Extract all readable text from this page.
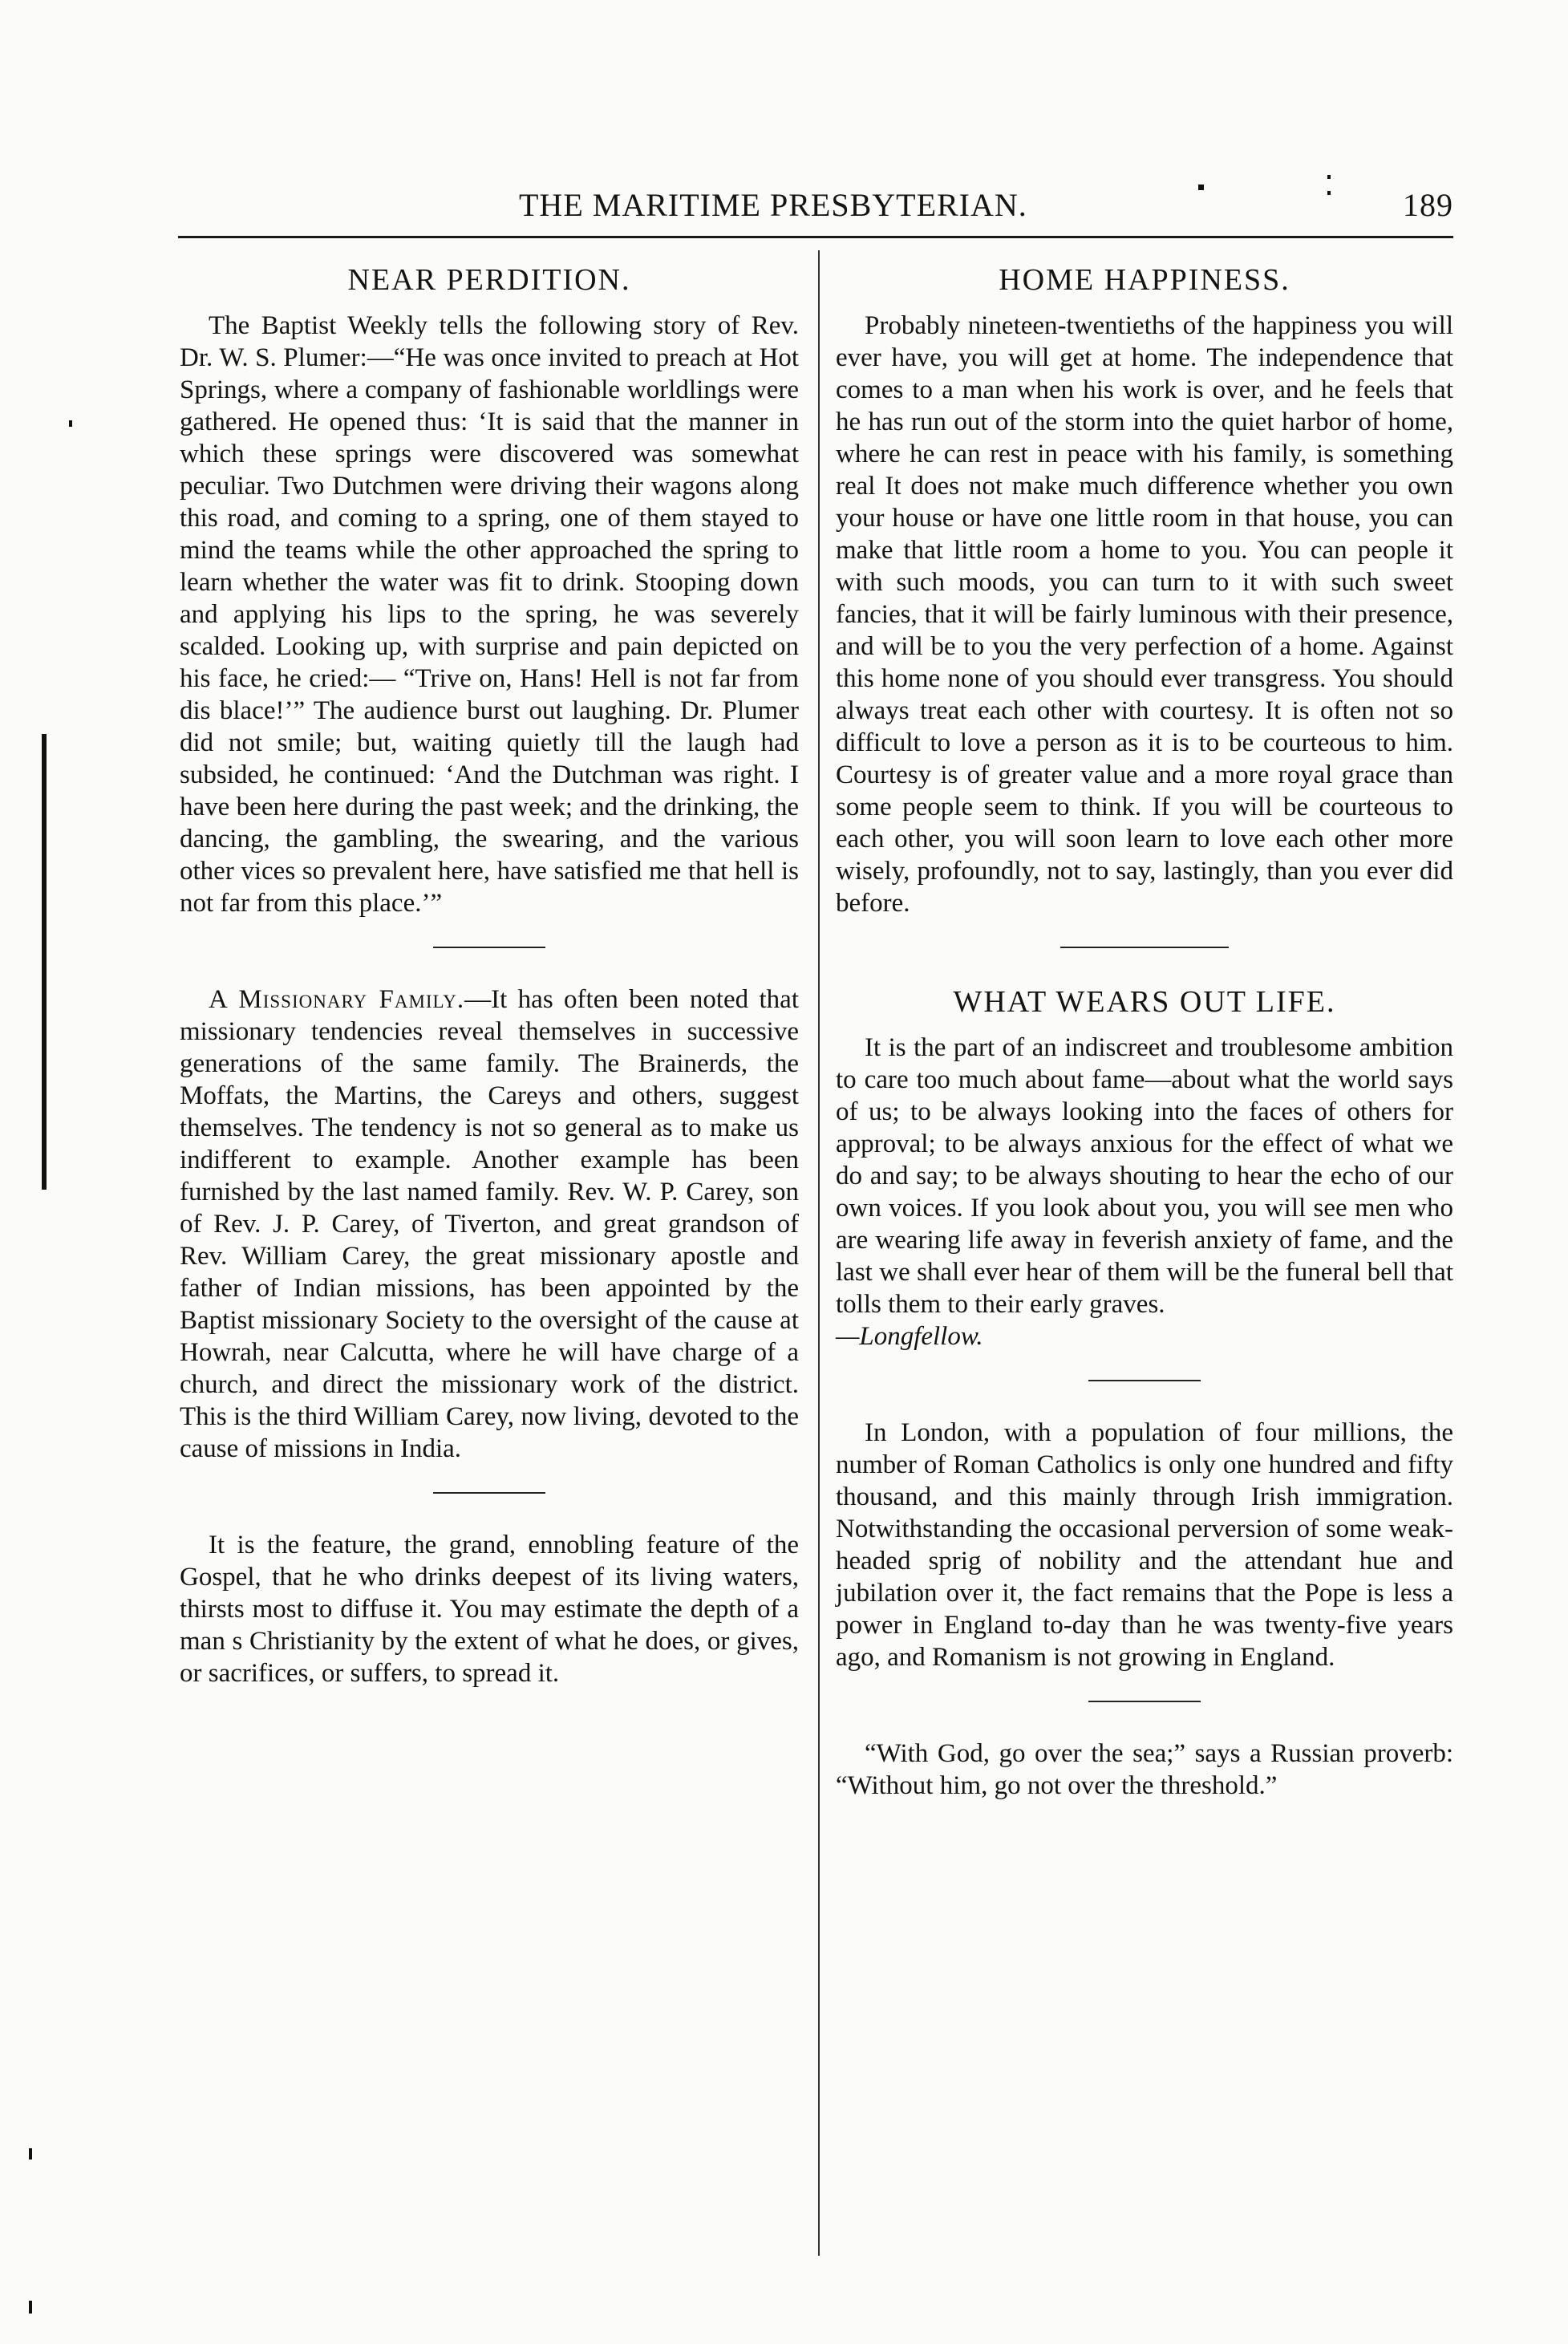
THE MARITIME PRESBYTERIAN.	189
NEAR PERDITION.

The Baptist Weekly tells the following story of Rev. Dr. W. S. Plumer:—“He was once invited to preach at Hot Springs, where a company of fashionable worldlings were gathered. He opened thus: ‘It is said that the manner in which these springs were discovered was somewhat peculiar. Two Dutchmen were driving their wagons along this road, and coming to a spring, one of them stayed to mind the teams while the other approached the spring to learn whether the water was fit to drink. Stooping down and applying his lips to the spring, he was severely scalded. Looking up, with surprise and pain depicted on his face, he cried:— “Trive on, Hans! Hell is not far from dis blace!’” The audience burst out laughing. Dr. Plumer did not smile; but, waiting quietly till the laugh had subsided, he continued: ‘And the Dutchman was right. I have been here during the past week; and the drinking, the dancing, the gambling, the swearing, and the various other vices so prevalent here, have satisfied me that hell is not far from this place.’”

A Missionary Family.—It has often been noted that missionary tendencies reveal themselves in successive generations of the same family. The Brainerds, the Moffats, the Martins, the Careys and others, suggest themselves. The tendency is not so general as to make us indifferent to example. Another example has been furnished by the last named family. Rev. W. P. Carey, son of Rev. J. P. Carey, of Tiverton, and great grandson of Rev. William Carey, the great missionary apostle and father of Indian missions, has been appointed by the Baptist missionary Society to the oversight of the cause at Howrah, near Calcutta, where he will have charge of a church, and direct the missionary work of the district. This is the third William Carey, now living, devoted to the cause of missions in India.

It is the feature, the grand, ennobling feature of the Gospel, that he who drinks deepest of its living waters, thirsts most to diffuse it. You may estimate the depth of a man s Christianity by the extent of what he does, or gives, or sacrifices, or suffers, to spread it.

HOME HAPPINESS.

Probably nineteen-twentieths of the happiness you will ever have, you will get at home. The independence that comes to a man when his work is over, and he feels that he has run out of the storm into the quiet harbor of home, where he can rest in peace with his family, is something real It does not make much difference whether you own your house or have one little room in that house, you can make that little room a home to you. You can people it with such moods, you can turn to it with such sweet fancies, that it will be fairly luminous with their presence, and will be to you the very perfection of a home. Against this home none of you should ever transgress. You should always treat each other with courtesy. It is often not so difficult to love a person as it is to be courteous to him. Courtesy is of greater value and a more royal grace than some people seem to think. If you will be courteous to each other, you will soon learn to love each other more wisely, profoundly, not to say, lastingly, than you ever did before.

WHAT WEARS OUT LIFE.

It is the part of an indiscreet and troublesome ambition to care too much about fame—about what the world says of us; to be always looking into the faces of others for approval; to be always anxious for the effect of what we do and say; to be always shouting to hear the echo of our own voices. If you look about you, you will see men who are wearing life away in feverish anxiety of fame, and the last we shall ever hear of them will be the funeral bell that tolls them to their early graves.

—Longfellow.

In London, with a population of four millions, the number of Roman Catholics is only one hundred and fifty thousand, and this mainly through Irish immigration. Notwithstanding the occasional perversion of some weak-headed sprig of nobility and the attendant hue and jubilation over it, the fact remains that the Pope is less a power in England to-day than he was twenty-five years ago, and Romanism is not growing in England.

“With God, go over the sea;” says a Russian proverb: “Without him, go not over the threshold.”
